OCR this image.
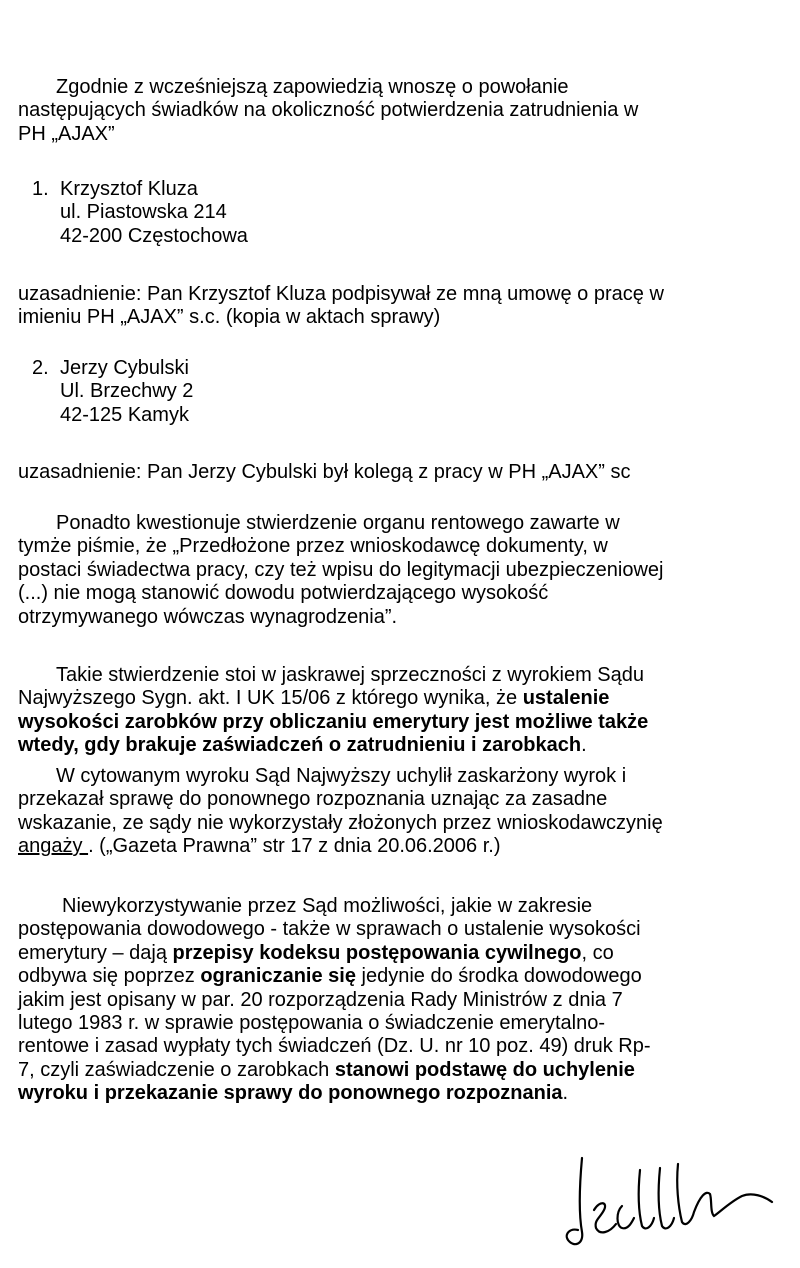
Zgodnie z wcześniejszą zapowiedzią wnoszę o powołanie
następujących świadków na okoliczność potwierdzenia zatrudnienia w
PH „AJAX”
1. Krzysztof Kluza
ul. Piastowska 214
42-200 Częstochowa
uzasadnienie: Pan Krzysztof Kluza podpisywał ze mną umowę o pracę w
imieniu PH „AJAX” s.c. (kopia w aktach sprawy)
2. Jerzy Cybulski
Ul. Brzechwy 2
42-125 Kamyk
uzasadnienie: Pan Jerzy Cybulski był kolegą z pracy w PH „AJAX” sc
Ponadto kwestionuje stwierdzenie organu rentowego zawarte w
tymże piśmie, że „Przedłożone przez wnioskodawcę dokumenty, w
postaci świadectwa pracy, czy też wpisu do legitymacji ubezpieczeniowej
(...) nie mogą stanowić dowodu potwierdzającego wysokość
otrzymywanego wówczas wynagrodzenia”.
Takie stwierdzenie stoi w jaskrawej sprzeczności z wyrokiem Sądu
Najwyższego Sygn. akt. I UK 15/06 z którego wynika, że ustalenie
wysokości zarobków przy obliczaniu emerytury jest możliwe także
wtedy, gdy brakuje zaświadczeń o zatrudnieniu i zarobkach.
W cytowanym wyroku Sąd Najwyższy uchylił zaskarżony wyrok i
przekazał sprawę do ponownego rozpoznania uznając za zasadne
wskazanie, ze sądy nie wykorzystały złożonych przez wnioskodawczynię
angaży . („Gazeta Prawna” str 17 z dnia 20.06.2006 r.)
Niewykorzystywanie przez Sąd możliwości, jakie w zakresie
postępowania dowodowego - także w sprawach o ustalenie wysokości
emerytury – dają przepisy kodeksu postępowania cywilnego, co
odbywa się poprzez ograniczanie się jedynie do środka dowodowego
jakim jest opisany w par. 20 rozporządzenia Rady Ministrów z dnia 7
lutego 1983 r. w sprawie postępowania o świadczenie emerytalno-
rentowe i zasad wypłaty tych świadczeń (Dz. U. nr 10 poz. 49) druk Rp-
7, czyli zaświadczenie o zarobkach stanowi podstawę do uchylenie
wyroku i przekazanie sprawy do ponownego rozpoznania.
